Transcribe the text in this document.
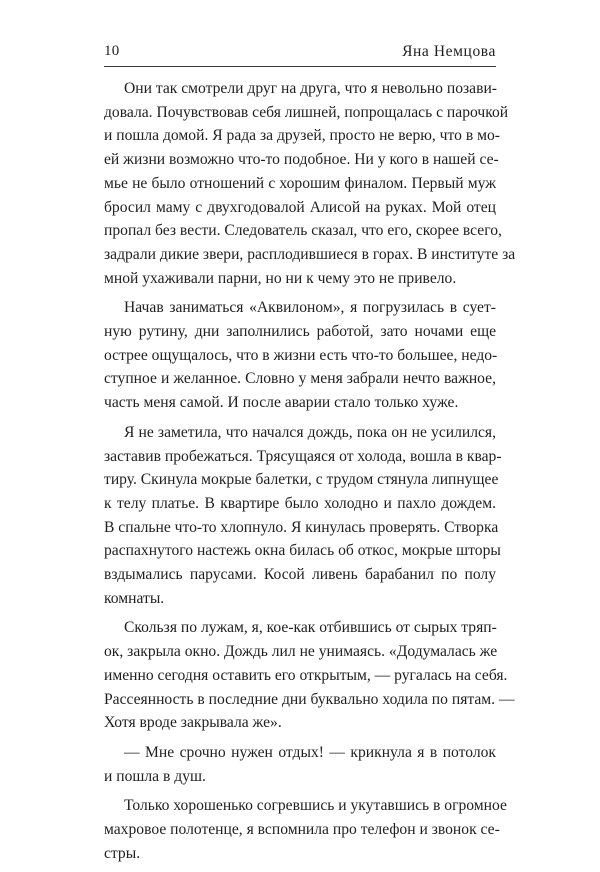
10	Яна Немцова
Они так смотрели друг на друга, что я невольно позави-
довала. Почувствовав себя лишней, попрощалась с парочкой
и пошла домой. Я рада за друзей, просто не верю, что в мо-
ей жизни возможно что-то подобное. Ни у кого в нашей се-
мье не было отношений с хорошим финалом. Первый муж
бросил маму с двухгодовалой Алисой на руках. Мой отец
пропал без вести. Следователь сказал, что его, скорее всего,
задрали дикие звери, расплодившиеся в горах. В институте за
мной ухаживали парни, но ни к чему это не привело.
Начав заниматься «Аквилоном», я погрузилась в сует-
ную рутину, дни заполнились работой, зато ночами еще
острее ощущалось, что в жизни есть что-то большее, недо-
ступное и желанное. Словно у меня забрали нечто важное,
часть меня самой. И после аварии стало только хуже.
Я не заметила, что начался дождь, пока он не усилился,
заставив пробежаться. Трясущаяся от холода, вошла в квар-
тиру. Скинула мокрые балетки, с трудом стянула липнущее
к телу платье. В квартире было холодно и пахло дождем.
В спальне что-то хлопнуло. Я кинулась проверять. Створка
распахнутого настежь окна билась об откос, мокрые шторы
вздымались парусами. Косой ливень барабанил по полу
комнаты.
Скользя по лужам, я, кое-как отбившись от сырых тряп-
ок, закрыла окно. Дождь лил не унимаясь. «Додумалась же
именно сегодня оставить его открытым, — ругалась на себя.
Рассеянность в последние дни буквально ходила по пятам. —
Хотя вроде закрывала же».
— Мне срочно нужен отдых! — крикнула я в потолок
и пошла в душ.
Только хорошенько согревшись и укутавшись в огромное
махровое полотенце, я вспомнила про телефон и звонок се-
стры.
